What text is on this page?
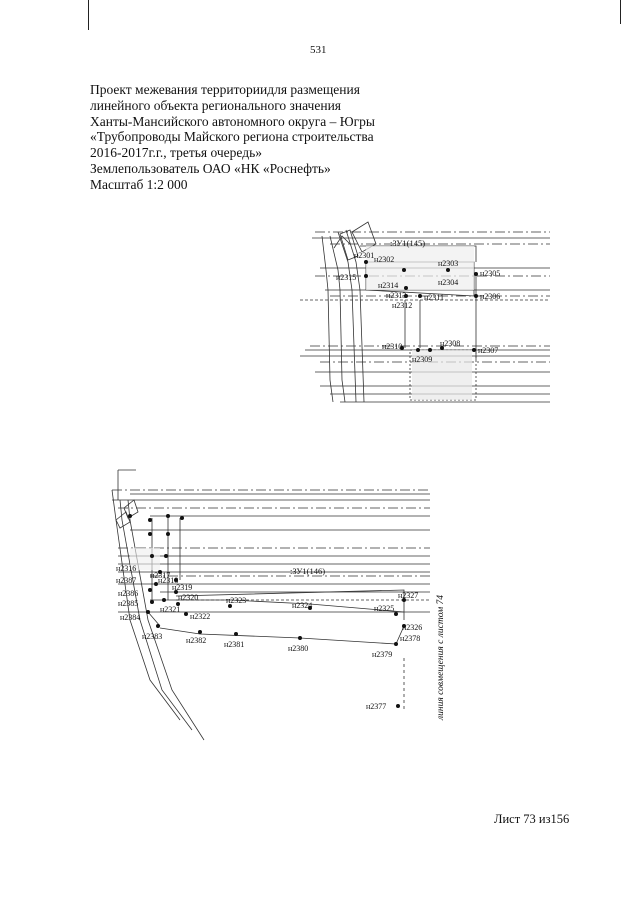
531
Проект межевания территориидля размещения
линейного объекта регионального значения
Ханты-Мансийского автономного округа – Югры
«Трубопроводы Майского региона строительства
2016-2017г.г., третья очередь»
Землепользователь ОАО «НК «Роснефть»
Масштаб 1:2 000
:ЗУ1(145)
н2301 н2302	н2303
н2304
н2305
н2306
н2311
н2312
н2313
н2314
н2315
н2310
н2309
н2308
н2307
:ЗУ1(146)
н2316
н2317
н2318
н2319
н2320
н2321
н2322
н2323
н2324	н2325
н2326
н2327
н2378
н2379
н2380
н2381
н2382
н2383
н2384
н2385
н2386
н2387
н2377	линия совмещения с листом 74
Лист 73 из156
